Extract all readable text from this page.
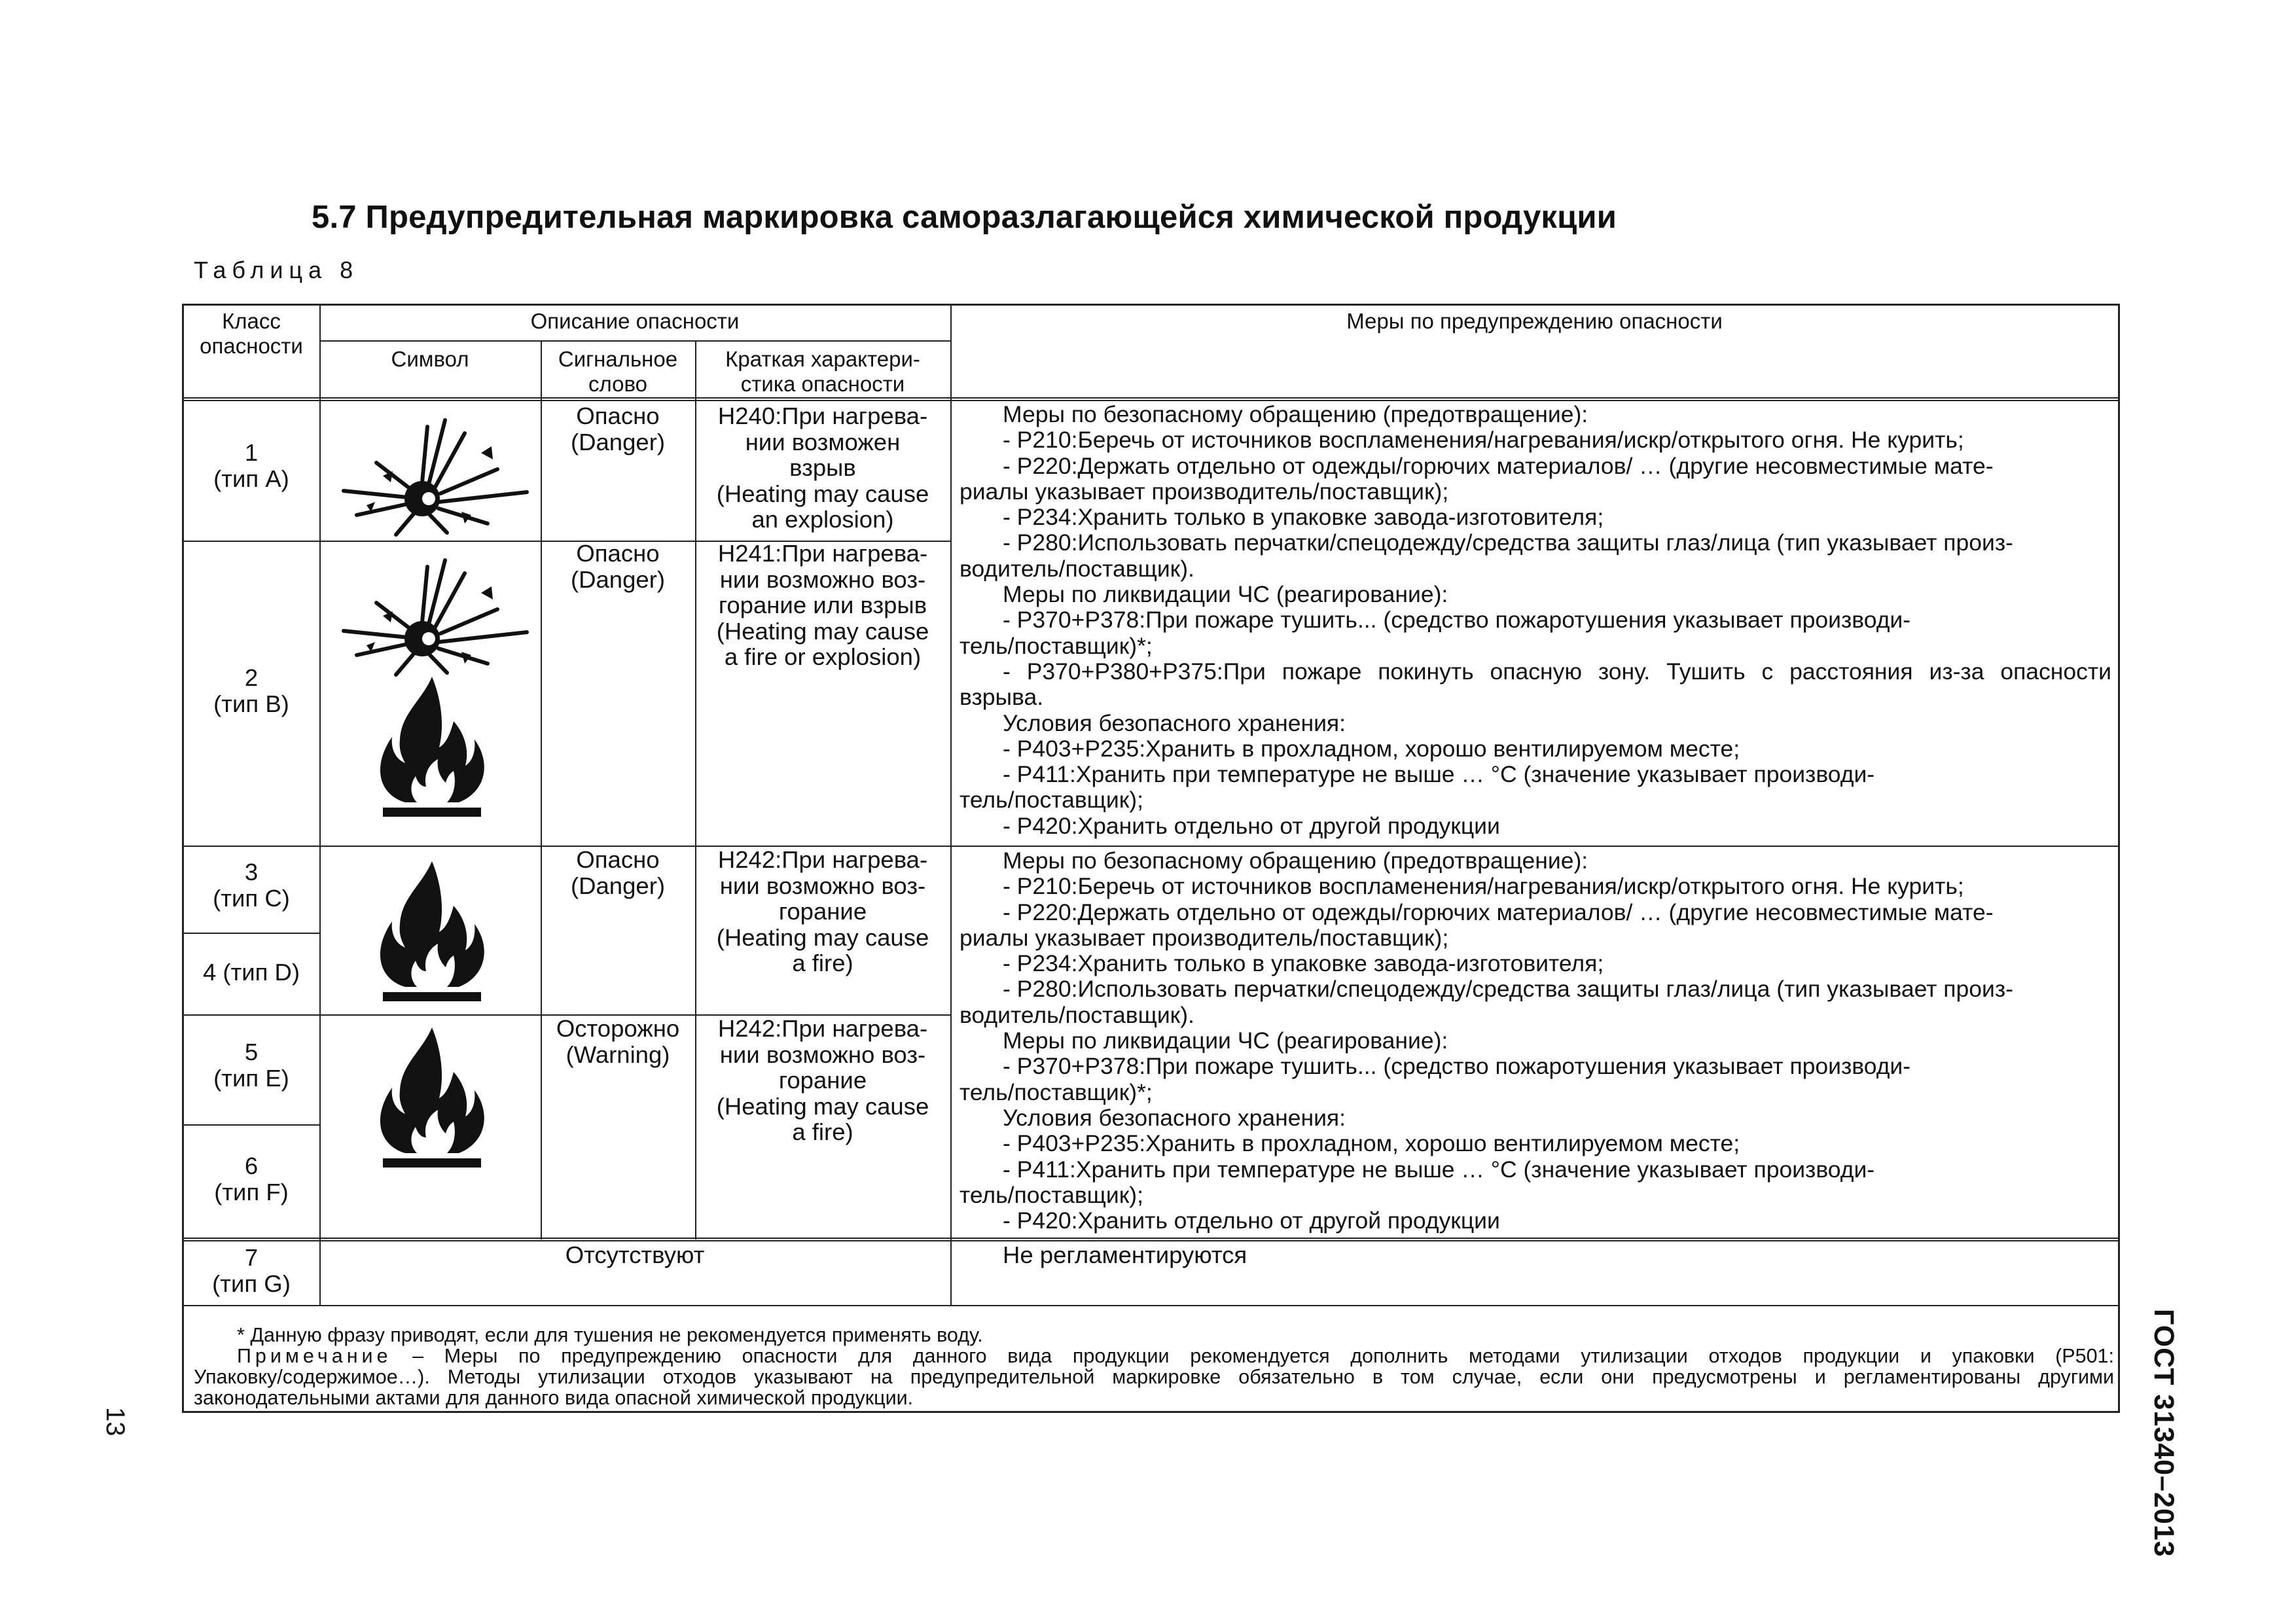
5.7 Предупредительная маркировка саморазлагающейся химической продукции
Таблица 8
ГОСТ 31340–2013
13
Класс опасности
Описание опасности
Символ	Сигнальное слово
Краткая характери-
стика опасности
Меры по предупреждению опасности
1
(тип А)
Опасно
(Danger)
H240:При нагрева-
нии возможен
взрыв
(Heating may cause
an explosion)
2
(тип В)
Опасно
(Danger)
H241:При нагрева-
нии возможно воз-
горание или взрыв
(Heating may cause
a fire or explosion)
Меры по безопасному обращению (предотвращение):
- P210:Беречь от источников воспламенения/нагревания/искр/открытого огня. Не курить;
- P220:Держать отдельно от одежды/горючих материалов/ … (другие несовместимые мате-
риалы указывает производитель/поставщик);
- P234:Хранить только в упаковке завода-изготовителя;
- P280:Использовать перчатки/спецодежду/средства защиты глаз/лица (тип указывает произ-
водитель/поставщик).
Меры по ликвидации ЧС (реагирование):
- P370+P378:При пожаре тушить... (средство пожаротушения указывает производи-
тель/поставщик)*;
- P370+P380+P375:При пожаре покинуть опасную зону. Тушить с расстояния из-за опасности
взрыва.
Условия безопасного хранения:
- P403+P235:Хранить в прохладном, хорошо вентилируемом месте;
- P411:Хранить при температуре не выше … °С (значение указывает производи-
тель/поставщик);
- P420:Хранить отдельно от другой продукции
3
(тип С)
4 (тип D)
Опасно
(Danger)
H242:При нагрева-
нии возможно воз-
горание
(Heating may cause
a fire)
5
(тип Е)
6
(тип F)
Осторожно
(Warning)
H242:При нагрева-
нии возможно воз-
горание
(Heating may cause
a fire)
Меры по безопасному обращению (предотвращение):
- P210:Беречь от источников воспламенения/нагревания/искр/открытого огня. Не курить;
- P220:Держать отдельно от одежды/горючих материалов/ … (другие несовместимые мате-
риалы указывает производитель/поставщик);
- P234:Хранить только в упаковке завода-изготовителя;
- P280:Использовать перчатки/спецодежду/средства защиты глаз/лица (тип указывает произ-
водитель/поставщик).
Меры по ликвидации ЧС (реагирование):
- P370+P378:При пожаре тушить... (средство пожаротушения указывает производи-
тель/поставщик)*;
Условия безопасного хранения:
- P403+P235:Хранить в прохладном, хорошо вентилируемом месте;
- P411:Хранить при температуре не выше … °С (значение указывает производи-
тель/поставщик);
- P420:Хранить отдельно от другой продукции
7
(тип G)
Отсутствуют	Не регламентируются
* Данную фразу приводят, если для тушения не рекомендуется применять воду.
Примечание – Меры по предупреждению опасности для данного вида продукции рекомендуется дополнить методами утилизации отходов продукции и упаковки (Р501:
Упаковку/содержимое…). Методы утилизации отходов указывают на предупредительной маркировке обязательно в том случае, если они предусмотрены и регламентированы другими
законодательными актами для данного вида опасной химической продукции.
